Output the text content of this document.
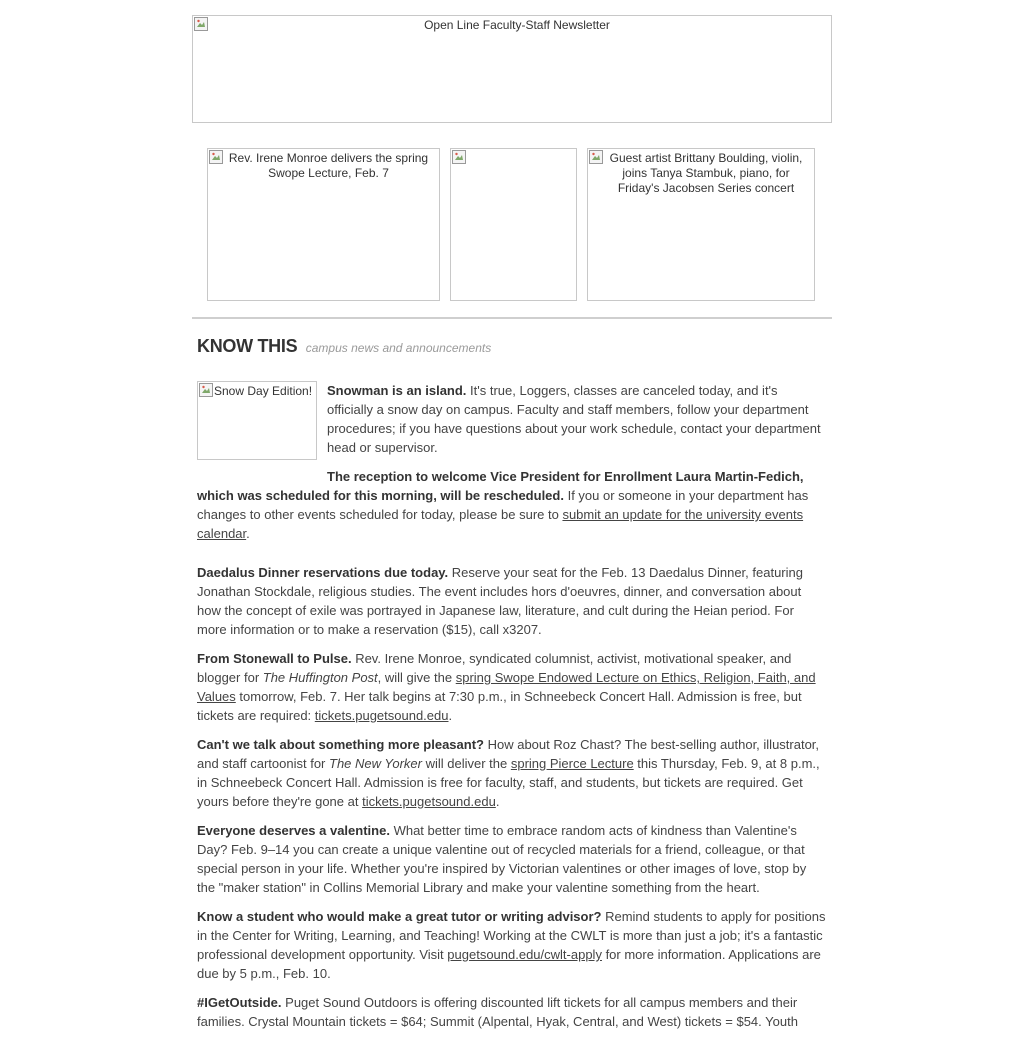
Open Line Faculty-Staff Newsletter
Rev. Irene Monroe delivers the spring Swope Lecture, Feb. 7
Guest artist Brittany Boulding, violin, joins Tanya Stambuk, piano, for Friday's Jacobsen Series concert
KNOW THIS campus news and announcements
Snow Day Edition!	Snowman is an island. It's true, Loggers, classes are canceled today, and it's officially a snow day on campus. Faculty and staff members, follow your department procedures; if you have questions about your work schedule, contact your department head or supervisor.

The reception to welcome Vice President for Enrollment Laura Martin-Fedich, which was scheduled for this morning, will be rescheduled. If you or someone in your department has changes to other events scheduled for today, please be sure to submit an update for the university events calendar.

Daedalus Dinner reservations due today. Reserve your seat for the Feb. 13 Daedalus Dinner, featuring Jonathan Stockdale, religious studies. The event includes hors d'oeuvres, dinner, and conversation about how the concept of exile was portrayed in Japanese law, literature, and cult during the Heian period. For more information or to make a reservation ($15), call x3207.

From Stonewall to Pulse. Rev. Irene Monroe, syndicated columnist, activist, motivational speaker, and blogger for The Huffington Post, will give the spring Swope Endowed Lecture on Ethics, Religion, Faith, and Values tomorrow, Feb. 7. Her talk begins at 7:30 p.m., in Schneebeck Concert Hall. Admission is free, but tickets are required: tickets.pugetsound.edu.

Can't we talk about something more pleasant? How about Roz Chast? The best-selling author, illustrator, and staff cartoonist for The New Yorker will deliver the spring Pierce Lecture this Thursday, Feb. 9, at 8 p.m., in Schneebeck Concert Hall. Admission is free for faculty, staff, and students, but tickets are required. Get yours before they're gone at tickets.pugetsound.edu.

Everyone deserves a valentine. What better time to embrace random acts of kindness than Valentine's Day? Feb. 9–14 you can create a unique valentine out of recycled materials for a friend, colleague, or that special person in your life. Whether you're inspired by Victorian valentines or other images of love, stop by the "maker station" in Collins Memorial Library and make your valentine something from the heart.

Know a student who would make a great tutor or writing advisor? Remind students to apply for positions in the Center for Writing, Learning, and Teaching! Working at the CWLT is more than just a job; it's a fantastic professional development opportunity. Visit pugetsound.edu/cwlt-apply for more information. Applications are due by 5 p.m., Feb. 10.

#IGetOutside. Puget Sound Outdoors is offering discounted lift tickets for all campus members and their families. Crystal Mountain tickets = $64; Summit (Alpental, Hyak, Central, and West) tickets = $54. Youth
